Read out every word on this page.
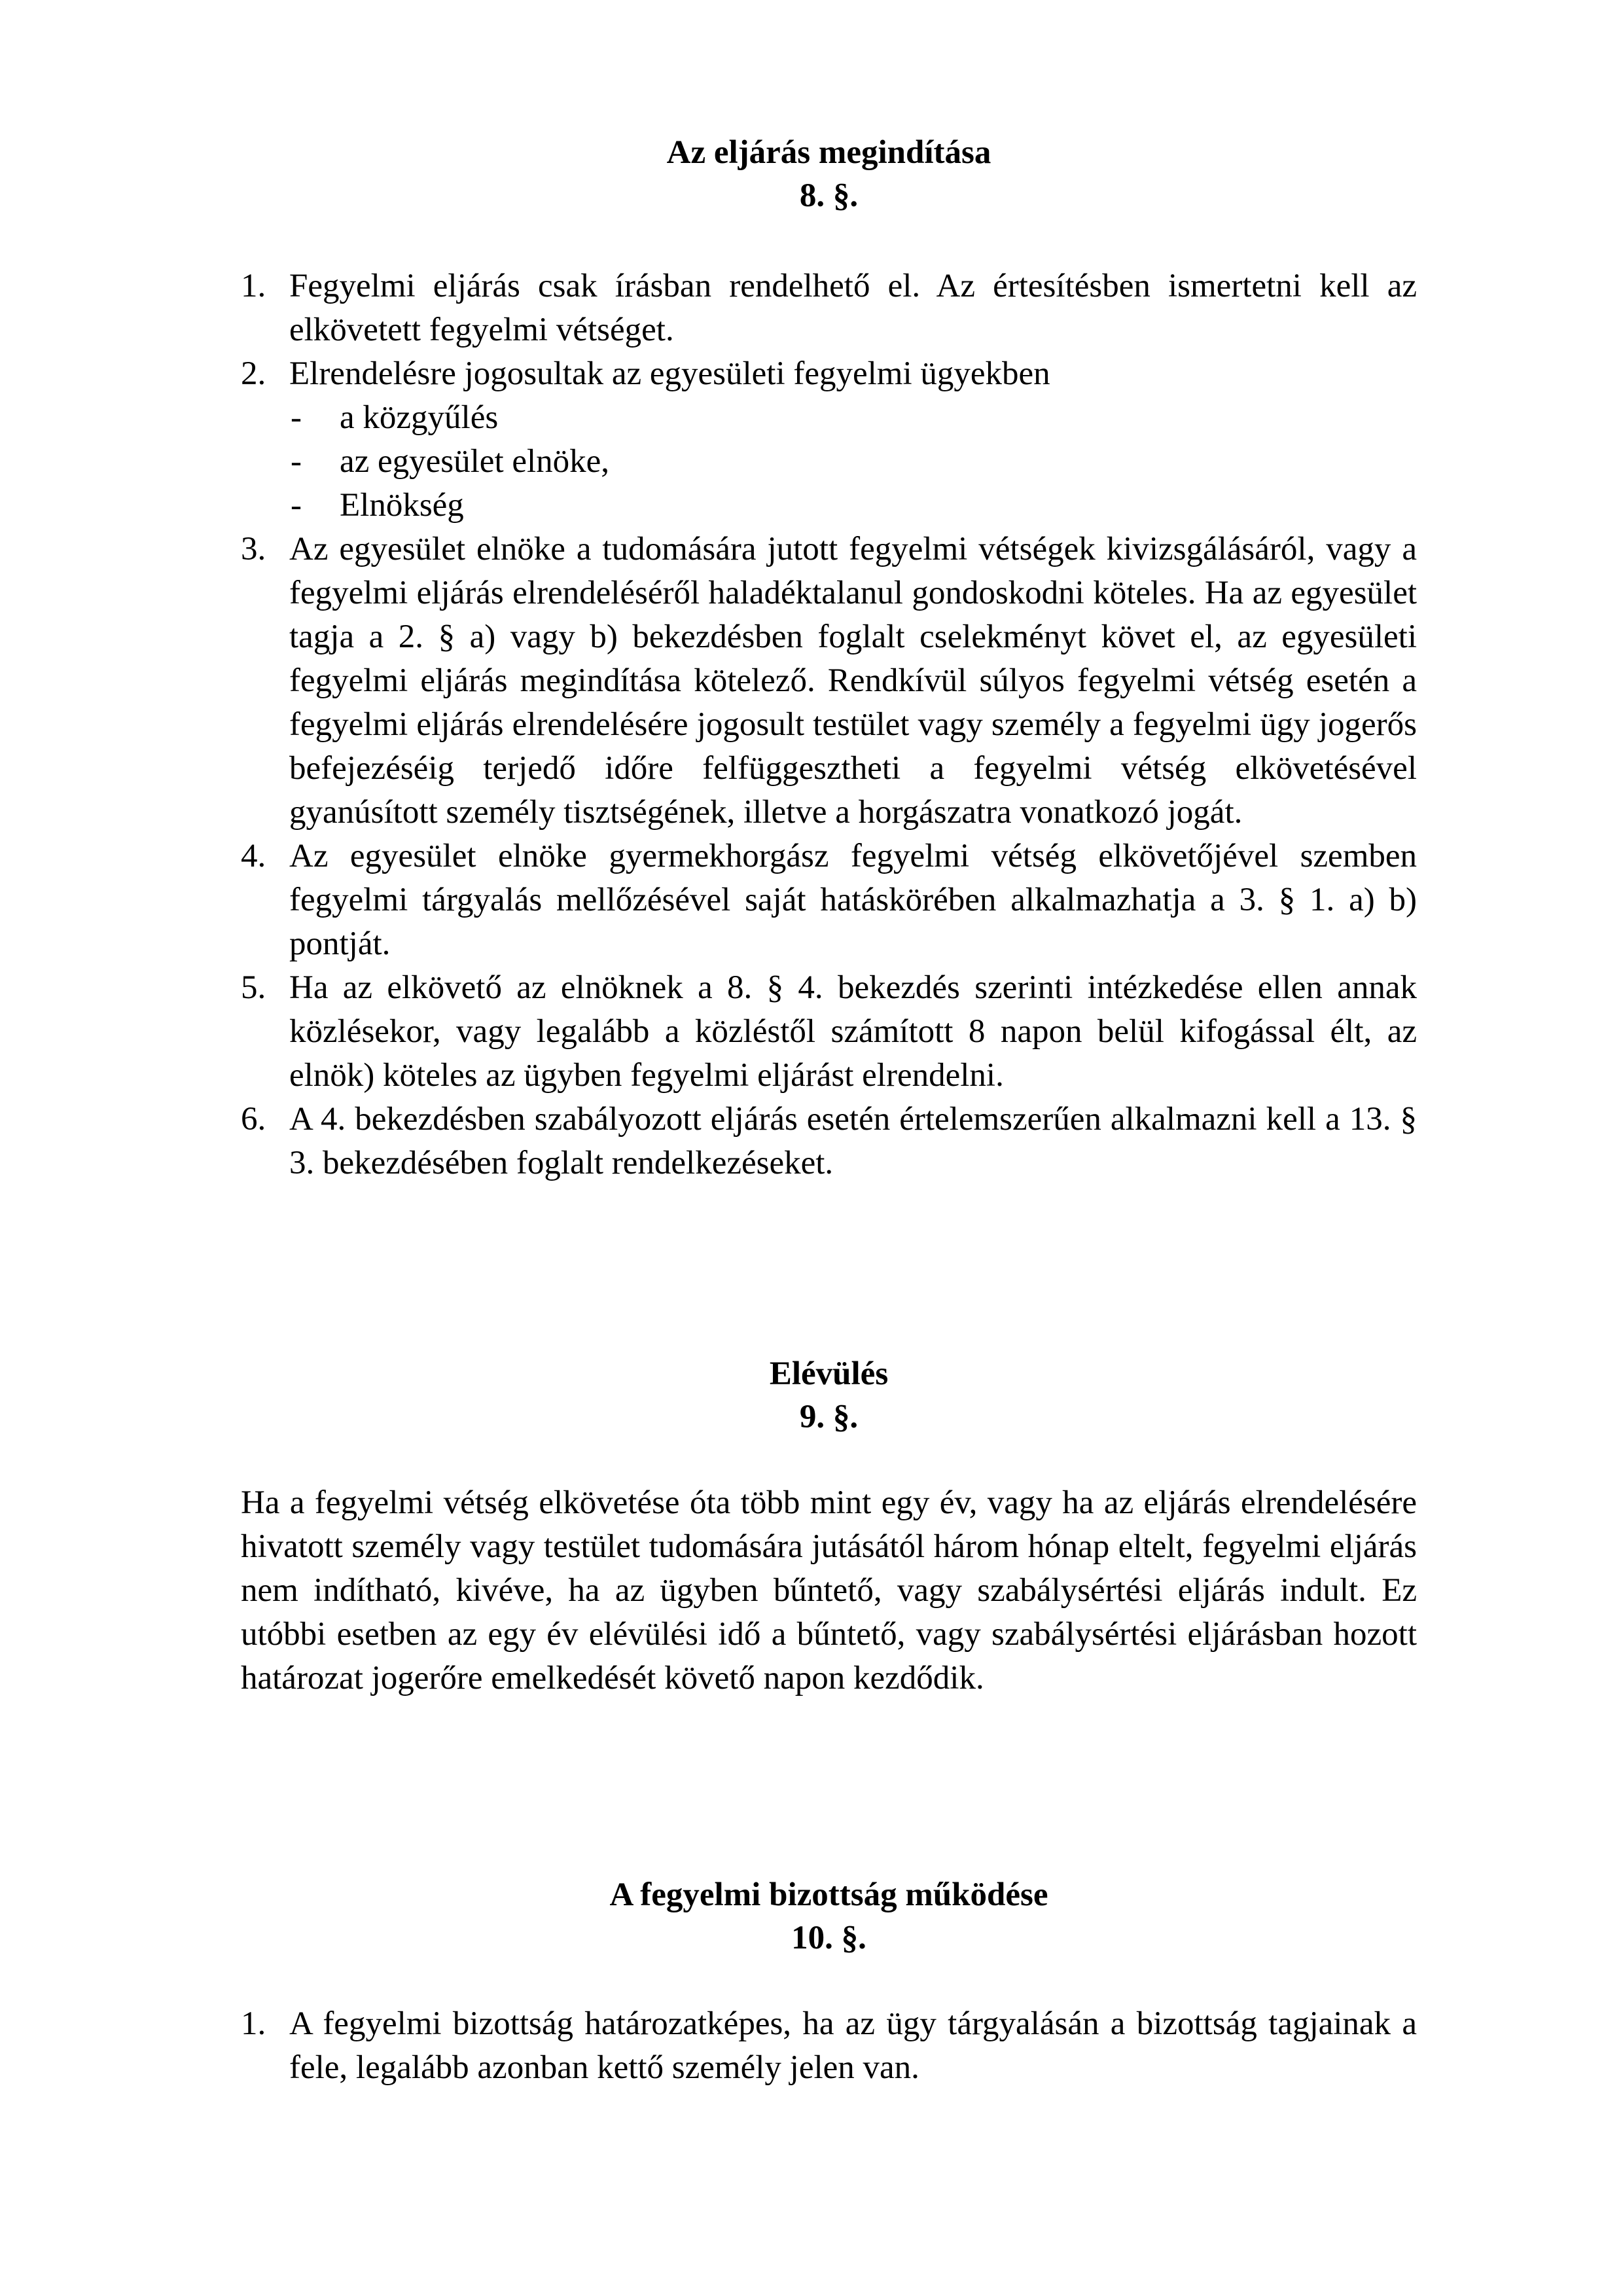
Az eljárás megindítása
8. §.
1. Fegyelmi eljárás csak írásban rendelhető el. Az értesítésben ismertetni kell az elkövetett fegyelmi vétséget.
2. Elrendelésre jogosultak az egyesületi fegyelmi ügyekben
- a közgyűlés
- az egyesület elnöke,
- Elnökség
3. Az egyesület elnöke a tudomására jutott fegyelmi vétségek kivizsgálásáról, vagy a fegyelmi eljárás elrendeléséről haladéktalanul gondoskodni köteles. Ha az egyesület tagja a 2. § a) vagy b) bekezdésben foglalt cselekményt követ el, az egyesületi fegyelmi eljárás megindítása kötelező. Rendkívül súlyos fegyelmi vétség esetén a fegyelmi eljárás elrendelésére jogosult testület vagy személy a fegyelmi ügy jogerős befejezéséig terjedő időre felfüggesztheti a fegyelmi vétség elkövetésével gyanúsított személy tisztségének, illetve a horgászatra vonatkozó jogát.
4. Az egyesület elnöke gyermekhorgász fegyelmi vétség elkövetőjével szemben fegyelmi tárgyalás mellőzésével saját hatáskörében alkalmazhatja a 3. § 1. a) b) pontját.
5. Ha az elkövető az elnöknek a 8. § 4. bekezdés szerinti intézkedése ellen annak közlésekor, vagy legalább a közléstől számított 8 napon belül kifogással élt, az elnök) köteles az ügyben fegyelmi eljárást elrendelni.
6. A 4. bekezdésben szabályozott eljárás esetén értelemszerűen alkalmazni kell a 13. § 3. bekezdésében foglalt rendelkezéseket.
Elévülés
9. §.
Ha a fegyelmi vétség elkövetése óta több mint egy év, vagy ha az eljárás elrendelésére hivatott személy vagy testület tudomására jutásától három hónap eltelt, fegyelmi eljárás nem indítható, kivéve, ha az ügyben bűntető, vagy szabálysértési eljárás indult. Ez utóbbi esetben az egy év elévülési idő a bűntető, vagy szabálysértési eljárásban hozott határozat jogerőre emelkedését követő napon kezdődik.
A fegyelmi bizottság működése
10. §.
1. A fegyelmi bizottság határozatképes, ha az ügy tárgyalásán a bizottság tagjainak a fele, legalább azonban kettő személy jelen van.
